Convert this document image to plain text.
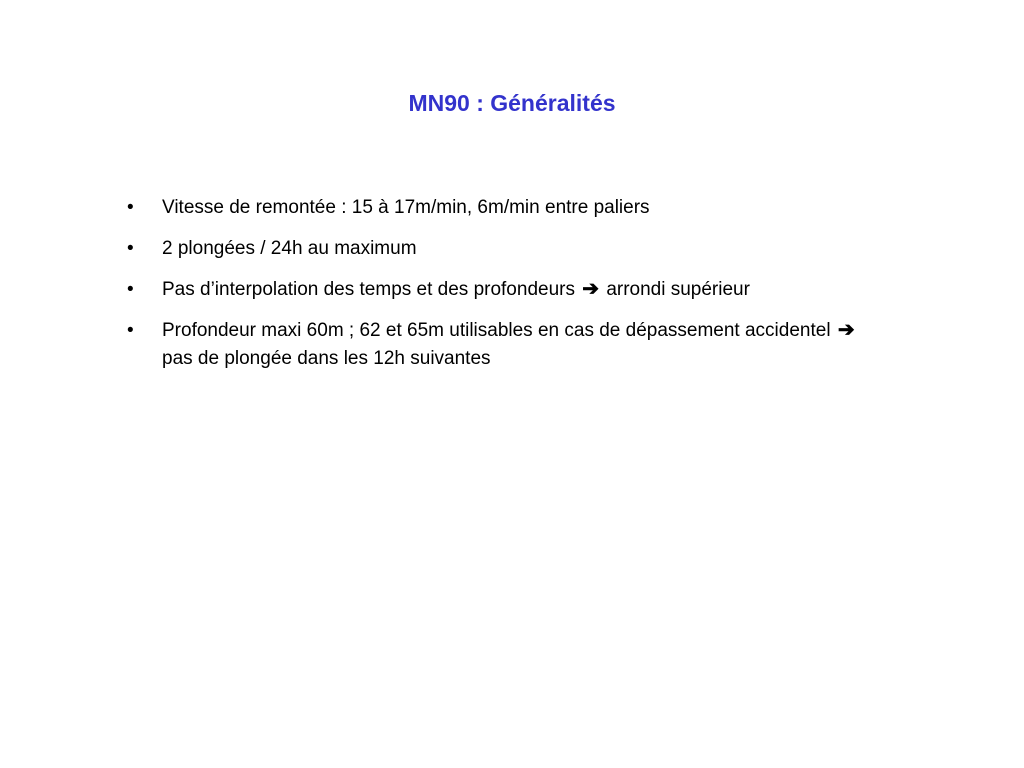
MN90 : Généralités
•	Vitesse de remontée : 15 à 17m/min, 6m/min entre paliers
•	2 plongées / 24h au maximum
•	Pas d’interpolation des temps et des profondeurs ➔ arrondi supérieur
•	Profondeur maxi 60m ; 62 et 65m utilisables en cas de dépassement accidentel ➔ pas de plongée dans les 12h suivantes
